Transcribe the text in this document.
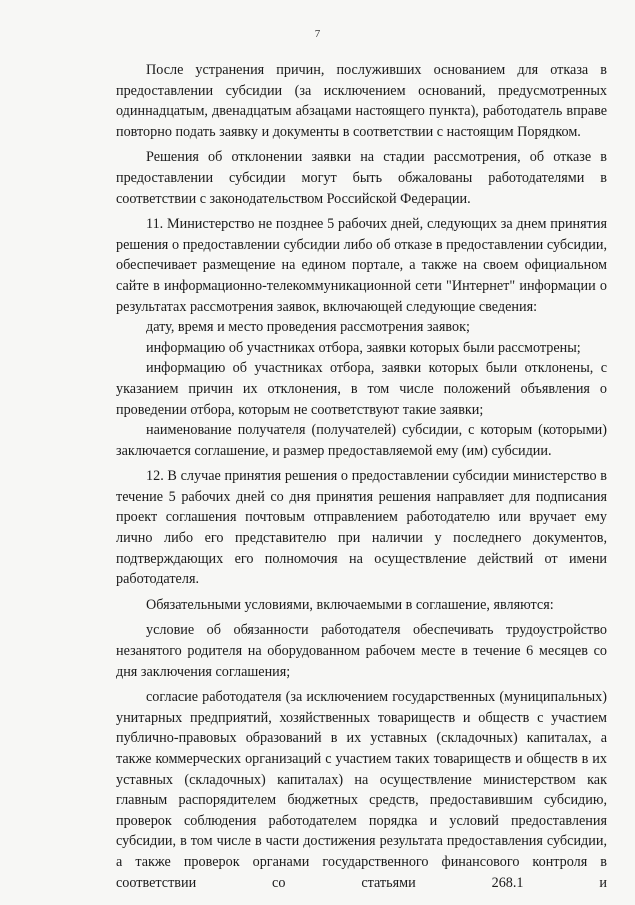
7

После устранения причин, послуживших основанием для отказа в предоставлении субсидии (за исключением оснований, предусмотренных одиннадцатым, двенадцатым абзацами настоящего пункта), работодатель вправе повторно подать заявку и документы в соответствии с настоящим Порядком.

Решения об отклонении заявки на стадии рассмотрения, об отказе в предоставлении субсидии могут быть обжалованы работодателями в соответствии с законодательством Российской Федерации.

11. Министерство не позднее 5 рабочих дней, следующих за днем принятия решения о предоставлении субсидии либо об отказе в предоставлении субсидии, обеспечивает размещение на едином портале, а также на своем официальном сайте в информационно-телекоммуникационной сети "Интернет" информации о результатах рассмотрения заявок, включающей следующие сведения:

дату, время и место проведения рассмотрения заявок;

информацию об участниках отбора, заявки которых были рассмотрены;

информацию об участниках отбора, заявки которых были отклонены, с указанием причин их отклонения, в том числе положений объявления о проведении отбора, которым не соответствуют такие заявки;

наименование получателя (получателей) субсидии, с которым (которыми) заключается соглашение, и размер предоставляемой ему (им) субсидии.

12. В случае принятия решения о предоставлении субсидии министерство в течение 5 рабочих дней со дня принятия решения направляет для подписания проект соглашения почтовым отправлением работодателю или вручает ему лично либо его представителю при наличии у последнего документов, подтверждающих его полномочия на осуществление действий от имени работодателя.

Обязательными условиями, включаемыми в соглашение, являются:

условие об обязанности работодателя обеспечивать трудоустройство незанятого родителя на оборудованном рабочем месте в течение 6 месяцев со дня заключения соглашения;

согласие работодателя (за исключением государственных (муниципальных) унитарных предприятий, хозяйственных товариществ и обществ с участием публично-правовых образований в их уставных (складочных) капиталах, а также коммерческих организаций с участием таких товариществ и обществ в их уставных (складочных) капиталах) на осуществление министерством как главным распорядителем бюджетных средств, предоставившим субсидию, проверок соблюдения работодателем порядка и условий предоставления субсидии, в том числе в части достижения результата предоставления субсидии, а также проверок органами государственного финансового контроля в соответствии со статьями 268.1 и
